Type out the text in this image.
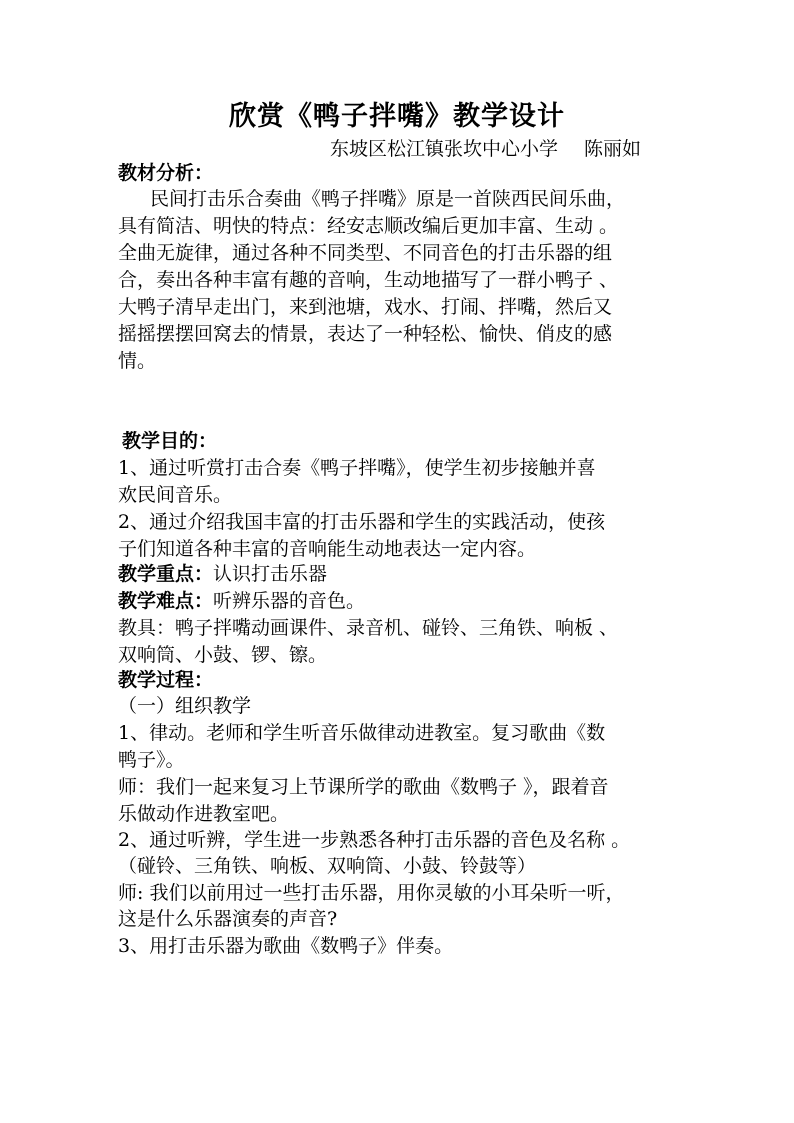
欣赏《鸭子拌嘴》教学设计
东坡区松江镇张坎中心小学 陈丽如
教材分析：
民间打击乐合奏曲《鸭子拌嘴》原是一首陕西民间乐曲，
具有简洁、明快的特点：经安志顺改编后更加丰富、生动 。
全曲无旋律，通过各种不同类型、不同音色的打击乐器的组
合，奏出各种丰富有趣的音响，生动地描写了一群小鸭子 、
大鸭子清早走出门，来到池塘，戏水、打闹、拌嘴，然后又
摇摇摆摆回窝去的情景，表达了一种轻松、愉快、俏皮的感
情。
教学目的：
1、通过听赏打击合奏《鸭子拌嘴》，使学生初步接触并喜
欢民间音乐。
2、通过介绍我国丰富的打击乐器和学生的实践活动，使孩
子们知道各种丰富的音响能生动地表达一定内容。
教学重点：认识打击乐器
教学难点：听辨乐器的音色。
教具：鸭子拌嘴动画课件、录音机、碰铃、三角铁、响板 、
双响筒、小鼓、锣、镲。
教学过程：
（一）组织教学
1、律动。老师和学生听音乐做律动进教室。复习歌曲《数
鸭子》。
师：我们一起来复习上节课所学的歌曲《数鸭子 》，跟着音
乐做动作进教室吧。
2、通过听辨，学生进一步熟悉各种打击乐器的音色及名称 。
（碰铃、三角铁、响板、双响筒、小鼓、铃鼓等）
师: 我们以前用过一些打击乐器，用你灵敏的小耳朵听一听，
这是什么乐器演奏的声音?
3、用打击乐器为歌曲《数鸭子》伴奏。
